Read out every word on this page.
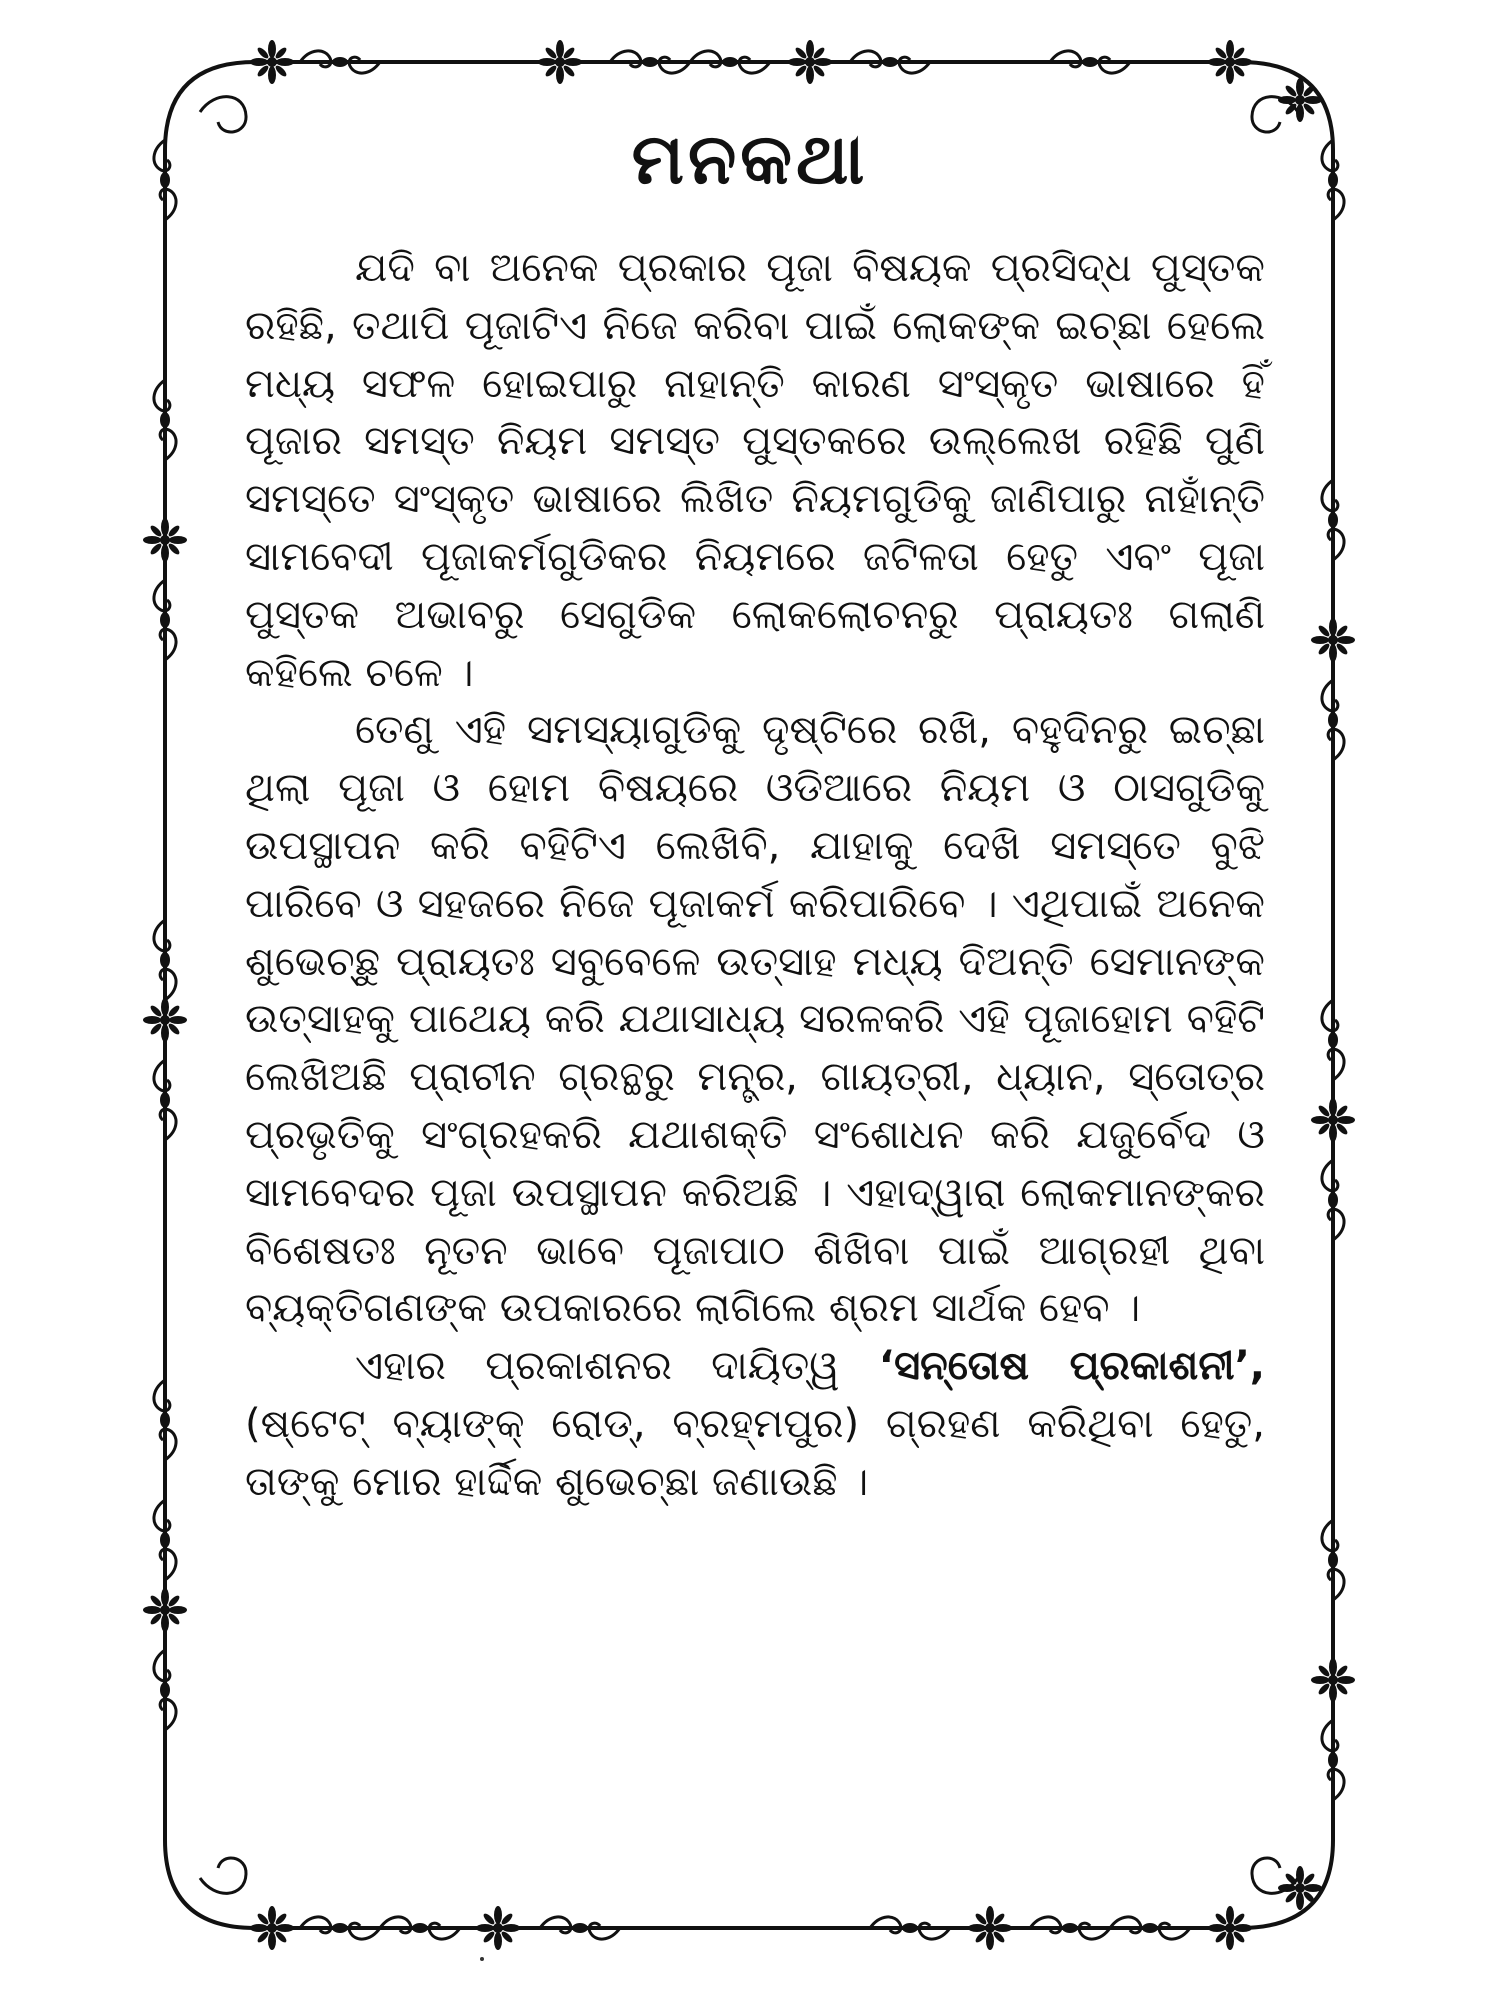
ମନକଥା

ଯଦି ବା ଅନେକ ପ୍ରକାର ପୂଜା ବିଷୟକ ପ୍ରସିଦ୍ଧ ପୁସ୍ତକ ରହିଛି, ତଥାପି ପୂଜାଟିଏ ନିଜେ କରିବା ପାଇଁ ଲୋକଙ୍କ ଇଚ୍ଛା ହେଲେ ମଧ୍ୟ ସଫଳ ହୋଇପାରୁ ନାହାନ୍ତି କାରଣ ସଂସ୍କୃତ ଭାଷାରେ ହିଁ ପୂଜାର ସମସ୍ତ ନିୟମ ସମସ୍ତ ପୁସ୍ତକରେ ଉଲ୍ଲେଖ ରହିଛି ପୁଣି ସମସ୍ତେ ସଂସ୍କୃତ ଭାଷାରେ ଲିଖିତ ନିୟମଗୁଡିକୁ ଜାଣିପାରୁ ନାହାଁନ୍ତି ସାମବେଦୀ ପୂଜାକର୍ମଗୁଡିକର ନିୟମରେ ଜଟିଳତା ହେତୁ ଏବଂ ପୂଜା ପୁସ୍ତକ ଅଭାବରୁ ସେଗୁଡିକ ଲୋକଲୋଚନରୁ ପ୍ରାୟତଃ ଗଲାଣି କହିଲେ ଚଳେ ।

ତେଣୁ ଏହି ସମସ୍ୟାଗୁଡିକୁ ଦୃଷ୍ଟିରେ ରଖି, ବହୁଦିନରୁ ଇଚ୍ଛା ଥିଲା ପୂଜା ଓ ହୋମ ବିଷୟରେ ଓଡିଆରେ ନିୟମ ଓ ଠାସଗୁଡିକୁ ଉପସ୍ଥାପନ କରି ବହିଟିଏ ଲେଖିବି, ଯାହାକୁ ଦେଖି ସମସ୍ତେ ବୁଝି ପାରିବେ ଓ ସହଜରେ ନିଜେ ପୂଜାକର୍ମ କରିପାରିବେ । ଏଥିପାଇଁ ଅନେକ ଶୁଭେଚ୍ଛୁ ପ୍ରାୟତଃ ସବୁବେଳେ ଉତ୍ସାହ ମଧ୍ୟ ଦିଅନ୍ତି ସେମାନଙ୍କ ଉତ୍ସାହକୁ ପାଥେୟ କରି ଯଥାସାଧ୍ୟ ସରଳକରି ଏହି ପୂଜାହୋମ ବହିଟି ଲେଖିଅଛି ପ୍ରାଚୀନ ଗ୍ରନ୍ଥରୁ ମନ୍ତ୍ର, ଗାୟତ୍ରୀ, ଧ୍ୟାନ, ସ୍ତୋତ୍ର ପ୍ରଭୃତିକୁ ସଂଗ୍ରହକରି ଯଥାଶକ୍ତି ସଂଶୋଧନ କରି ଯଜୁର୍ବେଦ ଓ ସାମବେଦର ପୂଜା ଉପସ୍ଥାପନ କରିଅଛି । ଏହାଦ୍ୱାରା ଲୋକମାନଙ୍କର ବିଶେଷତଃ ନୂତନ ଭାବେ ପୂଜାପାଠ ଶିଖିବା ପାଇଁ ଆଗ୍ରହୀ ଥିବା ବ୍ୟକ୍ତିଗଣଙ୍କ ଉପକାରରେ ଲାଗିଲେ ଶ୍ରମ ସାର୍ଥକ ହେବ ।

ଏହାର ପ୍ରକାଶନର ଦାୟିତ୍ୱ ‘ସନ୍ତୋଷ ପ୍ରକାଶନୀ’, (ଷ୍ଟେଟ୍ ବ୍ୟାଙ୍କ୍ ରୋଡ୍, ବ୍ରହ୍ମପୁର) ଗ୍ରହଣ କରିଥିବା ହେତୁ, ତାଙ୍କୁ ମୋର ହାର୍ଦ୍ଦିକ ଶୁଭେଚ୍ଛା ଜଣାଉଛି ।
